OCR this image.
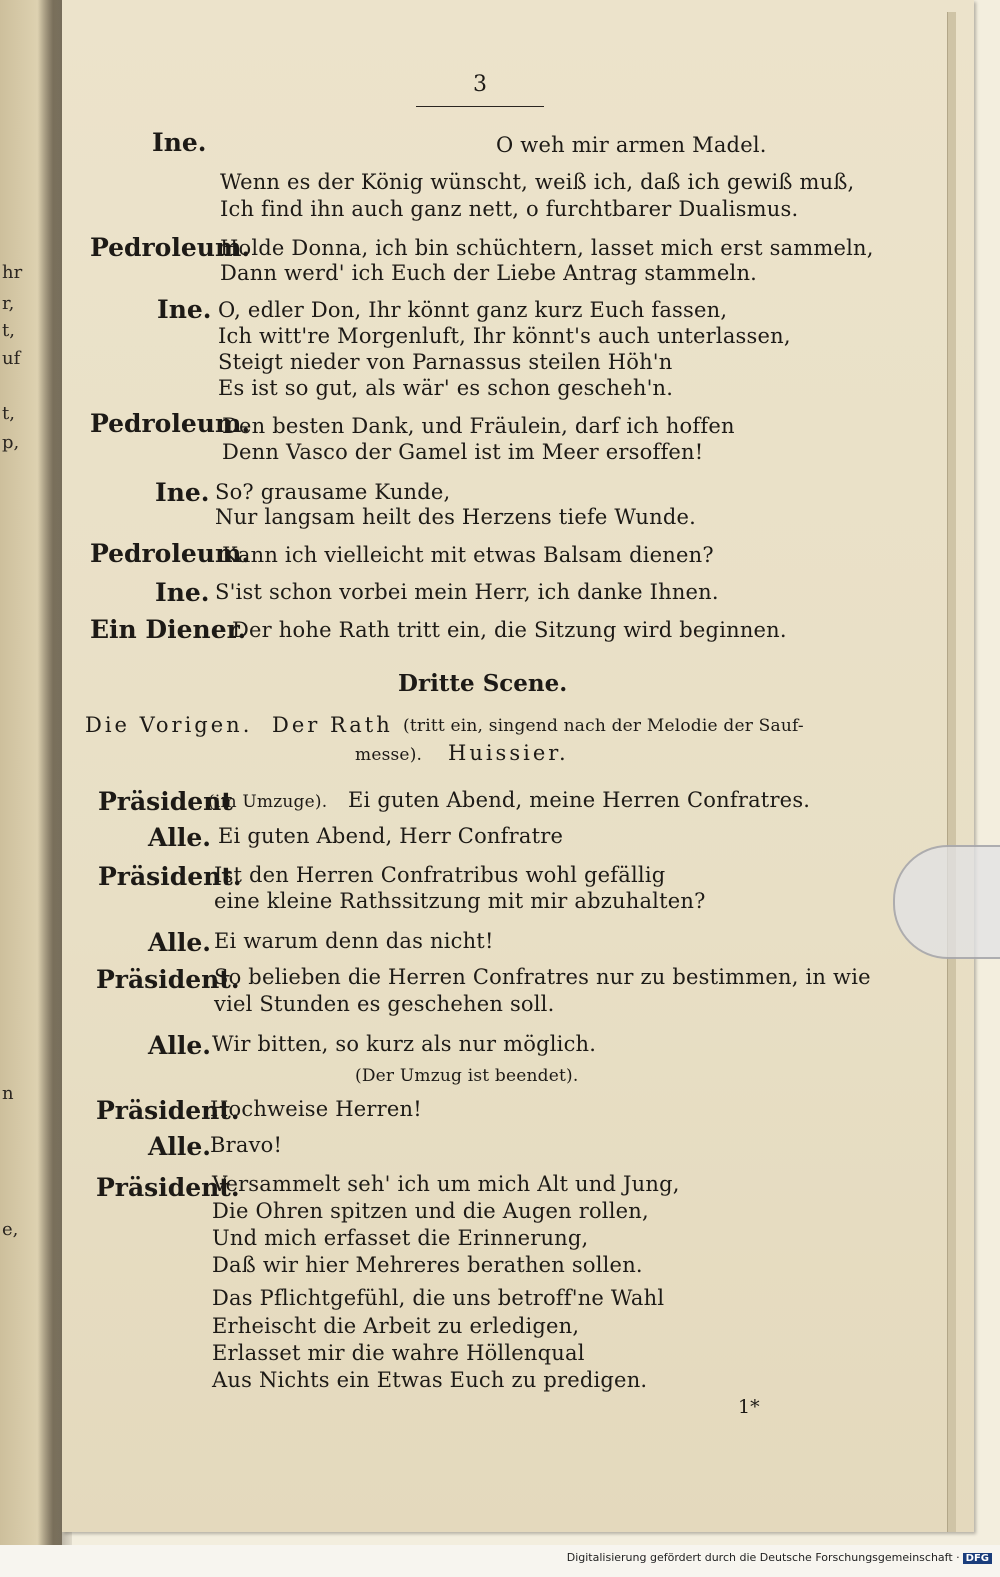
hr
r,
t,
uf
t,
p,
n
e,
3
Ine.	O weh mir armen Madel.
Wenn es der König wünscht, weiß ich, daß ich gewiß muß,
Ich find ihn auch ganz nett, o furchtbarer Dualismus.
Pedroleum.
Holde Donna, ich bin schüchtern, lasset mich erst sammeln,
Dann werd' ich Euch der Liebe Antrag stammeln.
Ine. O, edler Don, Ihr könnt ganz kurz Euch fassen,
Ich witt're Morgenluft, Ihr könnt's auch unterlassen,
Steigt nieder von Parnassus steilen Höh'n
Es ist so gut, als wär' es schon gescheh'n.
Pedroleum.
Den besten Dank, und Fräulein, darf ich hoffen
Denn Vasco der Gamel ist im Meer ersoffen!
Ine. So? grausame Kunde,
Nur langsam heilt des Herzens tiefe Wunde.
Pedroleum.
Kann ich vielleicht mit etwas Balsam dienen?
Ine. S'ist schon vorbei mein Herr, ich danke Ihnen.
Ein Diener.
Der hohe Rath tritt ein, die Sitzung wird beginnen.
Dritte Scene.
Die Vorigen. Der Rath (tritt ein, singend nach der Melodie der Sauf-
messe). Huissier.
Präsident
(im Umzuge). Ei guten Abend, meine Herren Confratres.
Alle. Ei guten Abend, Herr Confratre
Präsident.
Ist den Herren Confratribus wohl gefällig
eine kleine Rathssitzung mit mir abzuhalten?
Alle. Ei warum denn das nicht!
Präsident.
So belieben die Herren Confratres nur zu bestimmen, in wie
viel Stunden es geschehen soll.
Alle. Wir bitten, so kurz als nur möglich.
(Der Umzug ist beendet).
Präsident.
Hochweise Herren!
Alle.
Bravo!
Präsident.
Versammelt seh' ich um mich Alt und Jung,
Die Ohren spitzen und die Augen rollen,
Und mich erfasset die Erinnerung,
Daß wir hier Mehreres berathen sollen.
Das Pflichtgefühl, die uns betroff'ne Wahl
Erheischt die Arbeit zu erledigen,
Erlasset mir die wahre Höllenqual
Aus Nichts ein Etwas Euch zu predigen.
1*
Digitalisierung gefördert durch die Deutsche Forschungsgemeinschaft · DFG
